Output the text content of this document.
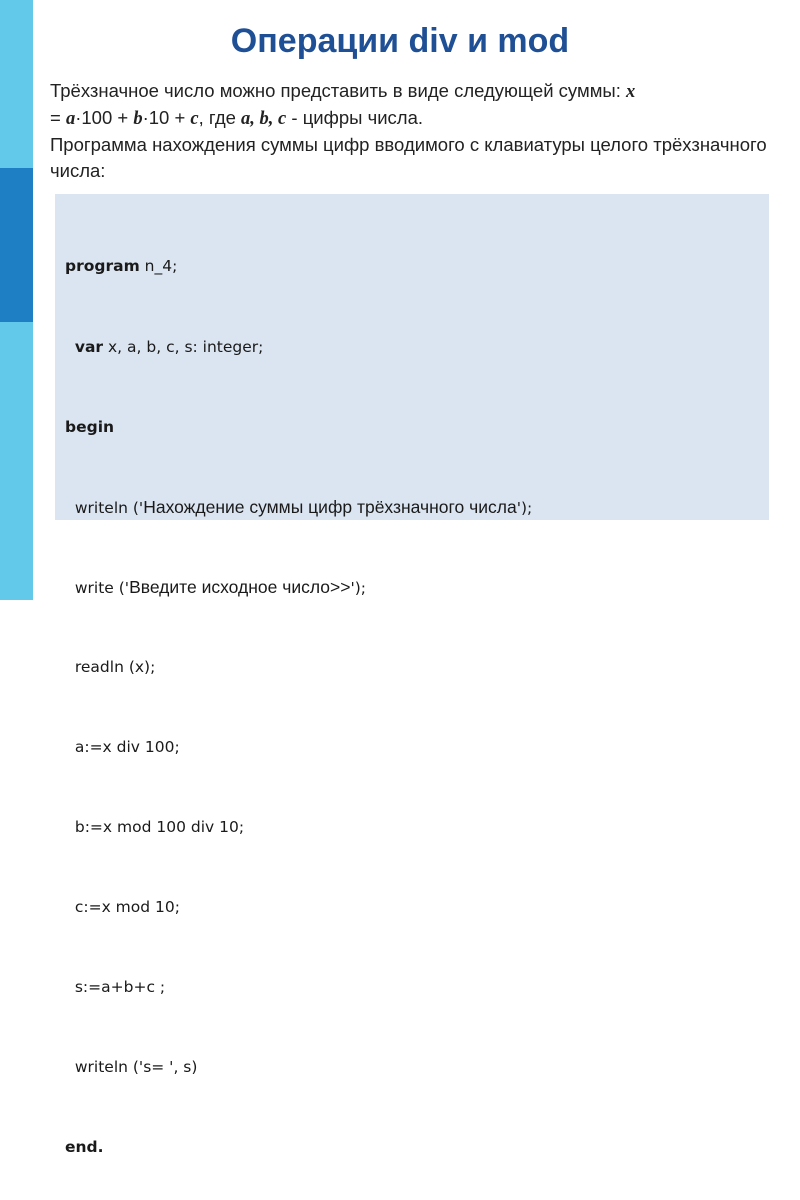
Операции div и mod

Трёхзначное число можно представить в виде следующей суммы: x
= a·100 + b·10 + c, где a, b, c - цифры числа.

Программа нахождения суммы цифр вводимого с клавиатуры целого трёхзначного числа:

program n_4;

var x, a, b, c, s: integer;

begin

writeln ('Нахождение суммы цифр трёхзначного числа');

write ('Введите исходное число>>');

readln (x);

a:=x div 100;

b:=x mod 100 div 10;

c:=x mod 10;

s:=a+b+c ;

writeln ('s= ', s)

end.
